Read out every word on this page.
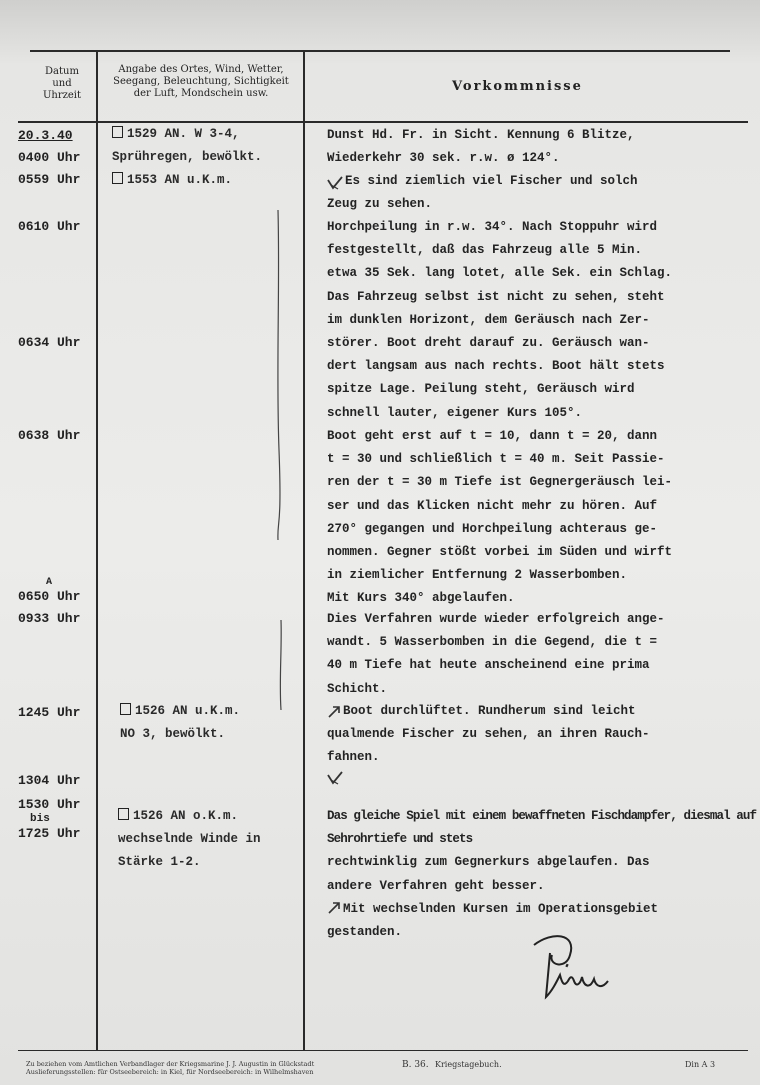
Datum
und
Uhrzeit
Angabe des Ortes, Wind, Wetter,
Seegang, Beleuchtung, Sichtigkeit
der Luft, Mondschein usw.	Vorkommnisse
20.3.40
0400 Uhr
0559 Uhr
0610 Uhr
0634 Uhr
0638 Uhr
A
0650 Uhr
0933 Uhr
1245 Uhr
1304 Uhr
1530 Uhr
bis
1725 Uhr
1529 AN. W 3-4,
Sprühregen, bewölkt.
1553 AN u.K.m.
1526 AN u.K.m.
NO 3, bewölkt.
1526 AN o.K.m.
wechselnde Winde in
Stärke 1-2.
Dunst Hd. Fr. in Sicht. Kennung 6 Blitze,
Wiederkehr 30 sek. r.w. ø 124°.
Es sind ziemlich viel Fischer und solch
Zeug zu sehen.
Horchpeilung in r.w. 34°. Nach Stoppuhr wird
festgestellt, daß das Fahrzeug alle 5 Min.
etwa 35 Sek. lang lotet, alle Sek. ein Schlag.
Das Fahrzeug selbst ist nicht zu sehen, steht
im dunklen Horizont, dem Geräusch nach Zer-
störer. Boot dreht darauf zu. Geräusch wan-
dert langsam aus nach rechts. Boot hält stets
spitze Lage. Peilung steht, Geräusch wird
schnell lauter, eigener Kurs 105°.
Boot geht erst auf t = 10, dann t = 20, dann
t = 30 und schließlich t = 40 m. Seit Passie-
ren der t = 30 m Tiefe ist Gegnergeräusch lei-
ser und das Klicken nicht mehr zu hören. Auf
270° gegangen und Horchpeilung achteraus ge-
nommen. Gegner stößt vorbei im Süden und wirft
in ziemlicher Entfernung 2 Wasserbomben.
Mit Kurs 340° abgelaufen.
Dies Verfahren wurde wieder erfolgreich ange-
wandt. 5 Wasserbomben in die Gegend, die t =
40 m Tiefe hat heute anscheinend eine prima
Schicht.
Boot durchlüftet. Rundherum sind leicht
qualmende Fischer zu sehen, an ihren Rauch-
fahnen.
Das gleiche Spiel mit einem bewaffneten Fischdampfer, diesmal auf Sehrohrtiefe und stets
rechtwinklig zum Gegnerkurs abgelaufen. Das
andere Verfahren geht besser.
Mit wechselnden Kursen im Operationsgebiet
gestanden.
Zu beziehen vom Amtlichen Verbandlager der Kriegsmarine J. J. Augustin in Glückstadt
Auslieferungsstellen: für Ostseebereich: in Kiel, für Nordseebereich: in Wilhelmshaven
B. 36. Kriegstagebuch.	Din A 3
